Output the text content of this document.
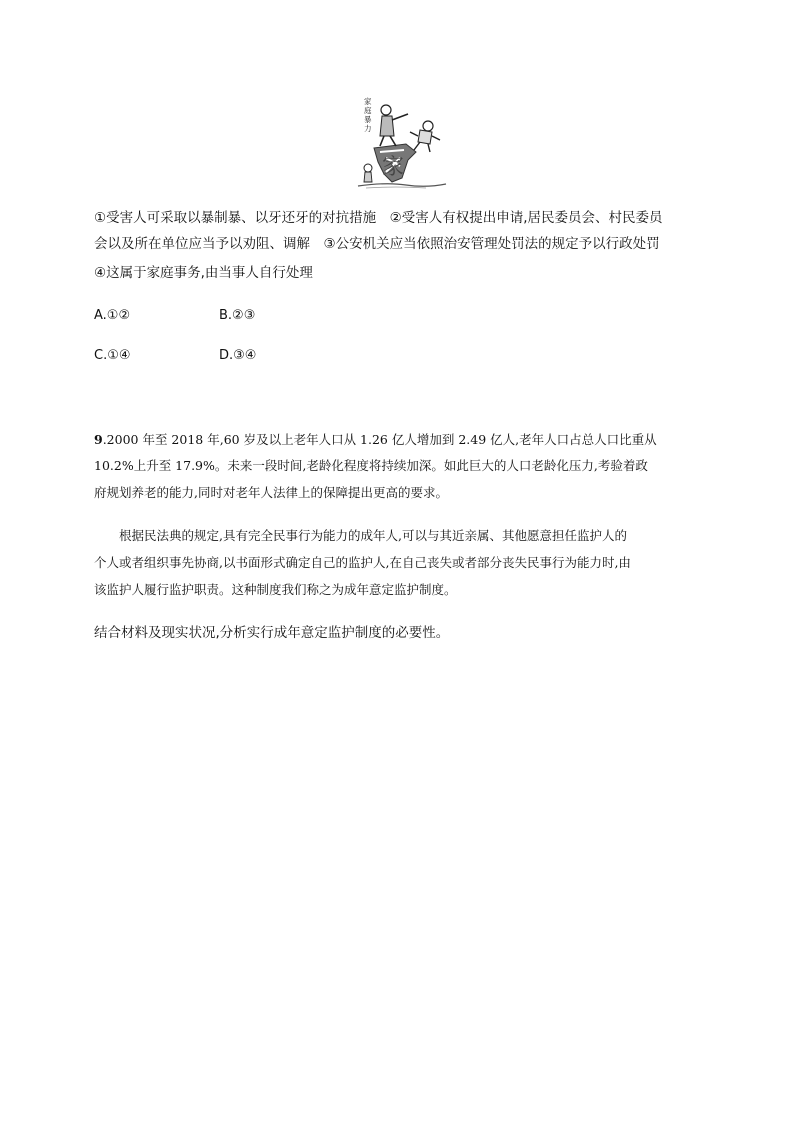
家
庭
暴
力
家
①受害人可采取以暴制暴、以牙还牙的对抗措施　②受害人有权提出申请,居民委员会、村民委员
会以及所在单位应当予以劝阻、调解　③公安机关应当依照治安管理处罚法的规定予以行政处罚
④这属于家庭事务,由当事人自行处理
A.①②	B.②③
C.①④	D.③④
9.2000 年至 2018 年,60 岁及以上老年人口从 1.26 亿人增加到 2.49 亿人,老年人口占总人口比重从
10.2%上升至 17.9%。未来一段时间,老龄化程度将持续加深。如此巨大的人口老龄化压力,考验着政
府规划养老的能力,同时对老年人法律上的保障提出更高的要求。
　　根据民法典的规定,具有完全民事行为能力的成年人,可以与其近亲属、其他愿意担任监护人的
个人或者组织事先协商,以书面形式确定自己的监护人,在自己丧失或者部分丧失民事行为能力时,由
该监护人履行监护职责。这种制度我们称之为成年意定监护制度。
结合材料及现实状况,分析实行成年意定监护制度的必要性。
